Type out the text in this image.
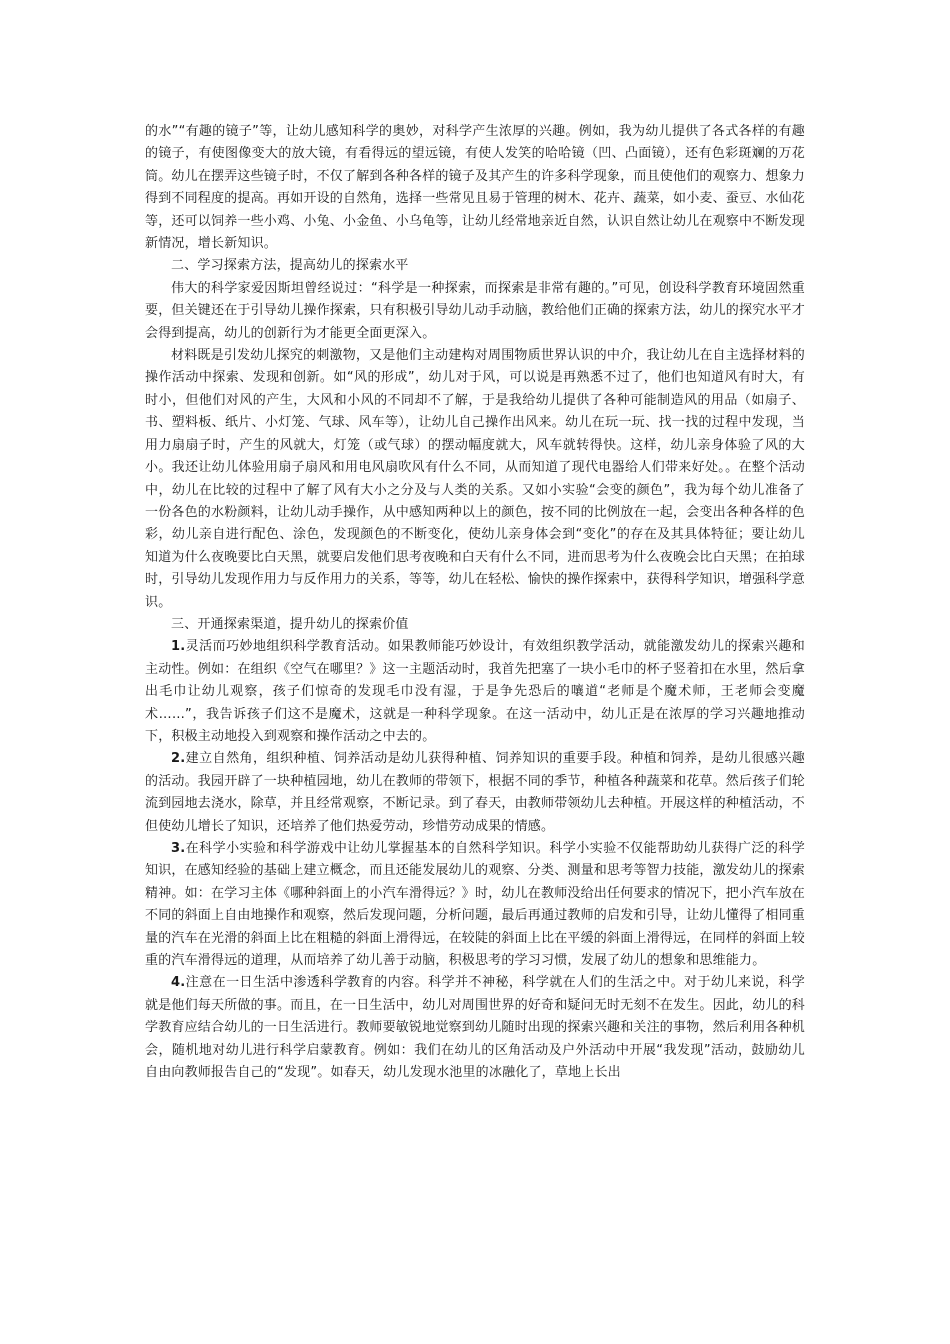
的水”“有趣的镜子”等，让幼儿感知科学的奥妙，对科学产生浓厚的兴趣。例如，我为幼儿提供了各式各样的有趣的镜子，有使图像变大的放大镜，有看得远的望远镜，有使人发笑的哈哈镜（凹、凸面镜），还有色彩斑斓的万花筒。幼儿在摆弄这些镜子时，不仅了解到各种各样的镜子及其产生的许多科学现象，而且使他们的观察力、想象力得到不同程度的提高。再如开设的自然角，选择一些常见且易于管理的树木、花卉、蔬菜，如小麦、蚕豆、水仙花等，还可以饲养一些小鸡、小兔、小金鱼、小乌龟等，让幼儿经常地亲近自然，认识自然让幼儿在观察中不断发现新情况，增长新知识。

二、学习探索方法，提高幼儿的探索水平

伟大的科学家爱因斯坦曾经说过：“科学是一种探索，而探索是非常有趣的。”可见，创设科学教育环境固然重要，但关键还在于引导幼儿操作探索，只有积极引导幼儿动手动脑，教给他们正确的探索方法，幼儿的探究水平才会得到提高，幼儿的创新行为才能更全面更深入。

材料既是引发幼儿探究的刺激物，又是他们主动建构对周围物质世界认识的中介，我让幼儿在自主选择材料的操作活动中探索、发现和创新。如“风的形成”，幼儿对于风，可以说是再熟悉不过了，他们也知道风有时大，有时小，但他们对风的产生，大风和小风的不同却不了解，于是我给幼儿提供了各种可能制造风的用品（如扇子、书、塑料板、纸片、小灯笼、气球、风车等），让幼儿自己操作出风来。幼儿在玩一玩、找一找的过程中发现，当用力扇扇子时，产生的风就大，灯笼（或气球）的摆动幅度就大，风车就转得快。这样，幼儿亲身体验了风的大小。我还让幼儿体验用扇子扇风和用电风扇吹风有什么不同，从而知道了现代电器给人们带来好处。。在整个活动中，幼儿在比较的过程中了解了风有大小之分及与人类的关系。又如小实验“会变的颜色”，我为每个幼儿准备了一份各色的水粉颜料，让幼儿动手操作，从中感知两种以上的颜色，按不同的比例放在一起，会变出各种各样的色彩，幼儿亲自进行配色、涂色，发现颜色的不断变化，使幼儿亲身体会到“变化”的存在及其具体特征；要让幼儿知道为什么夜晚要比白天黑，就要启发他们思考夜晚和白天有什么不同，进而思考为什么夜晚会比白天黑；在拍球时，引导幼儿发现作用力与反作用力的关系，等等，幼儿在轻松、愉快的操作探索中，获得科学知识，增强科学意识。

三、开通探索渠道，提升幼儿的探索价值

1.灵活而巧妙地组织科学教育活动。如果教师能巧妙设计，有效组织教学活动，就能激发幼儿的探索兴趣和主动性。例如：在组织《空气在哪里？》这一主题活动时，我首先把塞了一块小毛巾的杯子竖着扣在水里，然后拿出毛巾让幼儿观察，孩子们惊奇的发现毛巾没有湿，于是争先恐后的嚷道“老师是个魔术师，王老师会变魔术……”，我告诉孩子们这不是魔术，这就是一种科学现象。在这一活动中，幼儿正是在浓厚的学习兴趣地推动下，积极主动地投入到观察和操作活动之中去的。

2.建立自然角，组织种植、饲养活动是幼儿获得种植、饲养知识的重要手段。种植和饲养，是幼儿很感兴趣的活动。我园开辟了一块种植园地，幼儿在教师的带领下，根据不同的季节，种植各种蔬菜和花草。然后孩子们轮流到园地去浇水，除草，并且经常观察，不断记录。到了春天，由教师带领幼儿去种植。开展这样的种植活动，不但使幼儿增长了知识，还培养了他们热爱劳动，珍惜劳动成果的情感。

3.在科学小实验和科学游戏中让幼儿掌握基本的自然科学知识。科学小实验不仅能帮助幼儿获得广泛的科学知识，在感知经验的基础上建立概念，而且还能发展幼儿的观察、分类、测量和思考等智力技能，激发幼儿的探索精神。如：在学习主体《哪种斜面上的小汽车滑得远？》时，幼儿在教师没给出任何要求的情况下，把小汽车放在不同的斜面上自由地操作和观察，然后发现问题，分析问题，最后再通过教师的启发和引导，让幼儿懂得了相同重量的汽车在光滑的斜面上比在粗糙的斜面上滑得远，在较陡的斜面上比在平缓的斜面上滑得远，在同样的斜面上较重的汽车滑得远的道理，从而培养了幼儿善于动脑，积极思考的学习习惯，发展了幼儿的想象和思维能力。

4.注意在一日生活中渗透科学教育的内容。科学并不神秘，科学就在人们的生活之中。对于幼儿来说，科学就是他们每天所做的事。而且，在一日生活中，幼儿对周围世界的好奇和疑问无时无刻不在发生。因此，幼儿的科学教育应结合幼儿的一日生活进行。教师要敏锐地觉察到幼儿随时出现的探索兴趣和关注的事物，然后利用各种机会，随机地对幼儿进行科学启蒙教育。例如：我们在幼儿的区角活动及户外活动中开展“我发现”活动，鼓励幼儿自由向教师报告自己的“发现”。如春天，幼儿发现水池里的冰融化了，草地上长出
